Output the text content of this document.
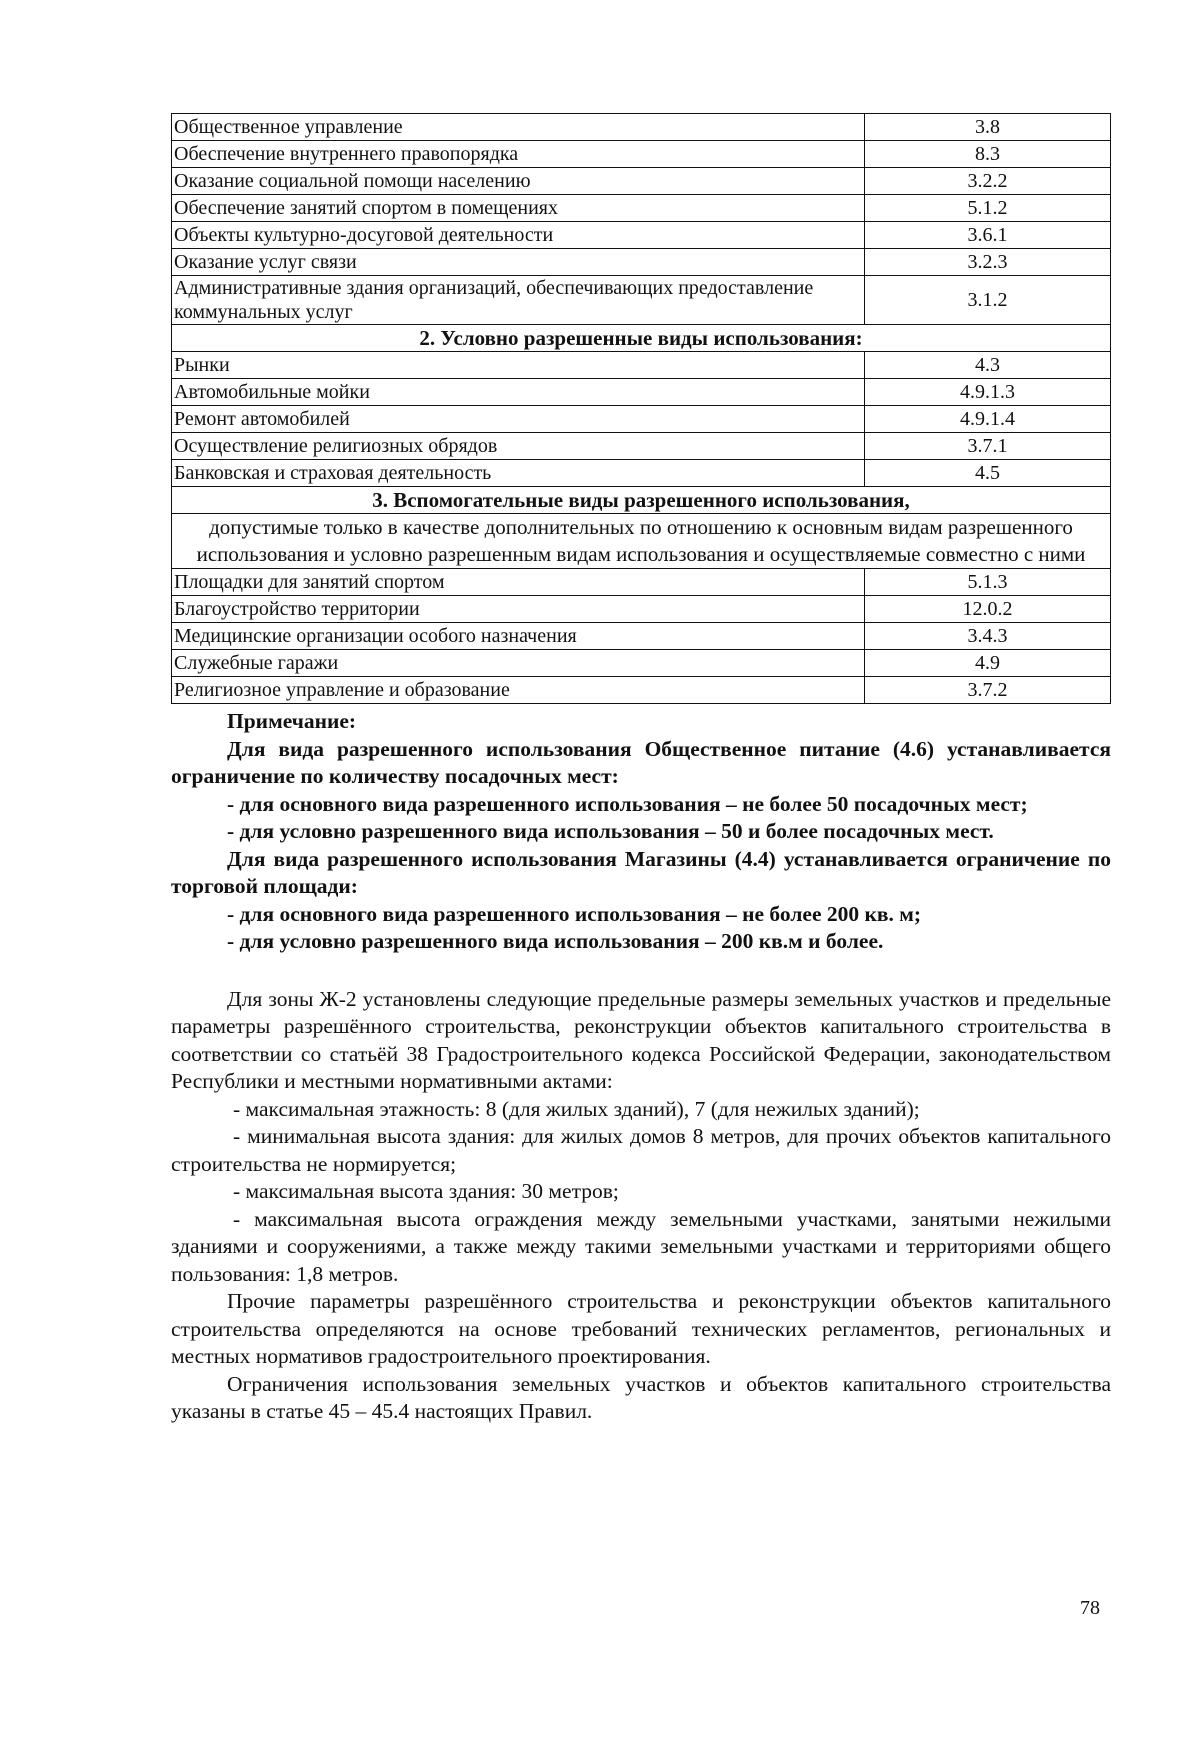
Общественное управление	3.8
Обеспечение внутреннего правопорядка	8.3
Оказание социальной помощи населению	3.2.2
Обеспечение занятий спортом в помещениях	5.1.2
Объекты культурно-досуговой деятельности	3.6.1
Оказание услуг связи	3.2.3
Административные здания организаций, обеспечивающих предоставление коммунальных услуг	3.1.2
2. Условно разрешенные виды использования:	
Рынки	4.3
Автомобильные мойки	4.9.1.3
Ремонт автомобилей	4.9.1.4
Осуществление религиозных обрядов	3.7.1
Банковская и страховая деятельность	4.5
3. Вспомогательные виды разрешенного использования,	
допустимые только в качестве дополнительных по отношению к основным видам разрешенного использования и условно разрешенным видам использования и осуществляемые совместно с ними	
Площадки для занятий спортом	5.1.3
Благоустройство территории	12.0.2
Медицинские организации особого назначения	3.4.3
Служебные гаражи	4.9
Религиозное управление и образование	3.7.2

Примечание:

Для вида разрешенного использования Общественное питание (4.6) устанавливается ограничение по количеству посадочных мест:

- для основного вида разрешенного использования – не более 50 посадочных мест;

- для условно разрешенного вида использования – 50 и более посадочных мест.

Для вида разрешенного использования Магазины (4.4) устанавливается ограничение по торговой площади:

- для основного вида разрешенного использования – не более 200 кв. м;

- для условно разрешенного вида использования – 200 кв.м и более.

Для зоны Ж-2 установлены следующие предельные размеры земельных участков и предельные параметры разрешённого строительства, реконструкции объектов капитального строительства в соответствии со статьёй 38 Градостроительного кодекса Российской Федерации, законодательством Республики и местными нормативными актами:

- максимальная этажность: 8 (для жилых зданий), 7 (для нежилых зданий);

- минимальная высота здания: для жилых домов 8 метров, для прочих объектов капитального строительства не нормируется;

- максимальная высота здания: 30 метров;

- максимальная высота ограждения между земельными участками, занятыми нежилыми зданиями и сооружениями, а также между такими земельными участками и территориями общего пользования: 1,8 метров.

Прочие параметры разрешённого строительства и реконструкции объектов капитального строительства определяются на основе требований технических регламентов, региональных и местных нормативов градостроительного проектирования.

Ограничения использования земельных участков и объектов капитального строительства указаны в статье 45 – 45.4 настоящих Правил.

78
